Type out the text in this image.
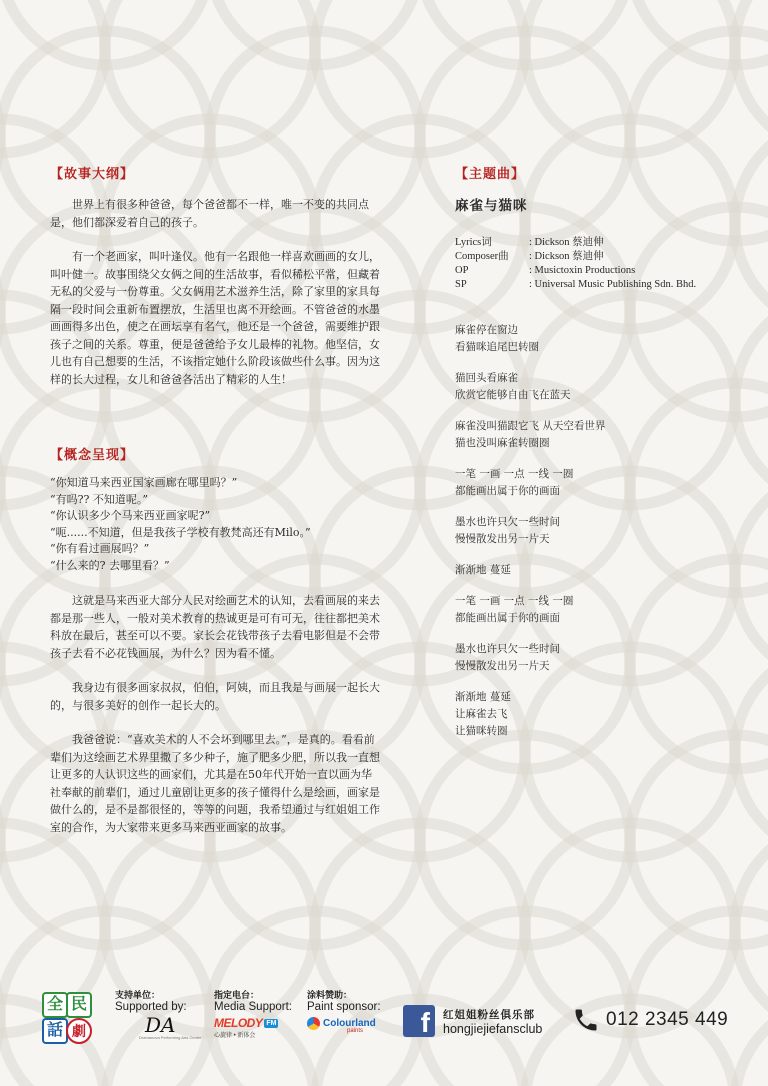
【故事大纲】

世界上有很多种爸爸，每个爸爸都不一样，唯一不变的共同点是，他们都深爱着自己的孩子。

有一个老画家，叫叶逢仪。他有一名跟他一样喜欢画画的女儿，叫叶健一。故事围绕父女俩之间的生活故事，看似稀松平常，但藏着无私的父爱与一份尊重。父女俩用艺术滋养生活，除了家里的家具每隔一段时间会重新布置摆放，生活里也离不开绘画。不管爸爸的水墨画画得多出色，使之在画坛享有名气，他还是一个爸爸，需要维护跟孩子之间的关系。尊重，便是爸爸给予女儿最棒的礼物。他坚信，女儿也有自己想要的生活，不该指定她什么阶段该做些什么事。因为这样的长大过程，女儿和爸爸各活出了精彩的人生！

【概念呈现】

“你知道马来西亚国家画廊在哪里吗？”

“有吗?? 不知道呢。”

“你认识多少个马来西亚画家呢?”

“呃......不知道，但是我孩子学校有教梵高还有Milo。”

“你有看过画展吗？”

“什么来的? 去哪里看？”

这就是马来西亚大部分人民对绘画艺术的认知，去看画展的来去都是那一些人，一般对美术教育的热诚更是可有可无，往往都把美术科放在最后，甚至可以不要。家长会花钱带孩子去看电影但是不会带孩子去看不必花钱画展，为什么？因为看不懂。

我身边有很多画家叔叔，伯伯，阿姨，而且我是与画展一起长大的，与很多美好的创作一起长大的。

我爸爸说：“喜欢美术的人不会坏到哪里去。”，是真的。看看前辈们为这绘画艺术界里撒了多少种子，施了肥多少肥，所以我一直想让更多的人认识这些的画家们，尤其是在50年代开始一直以画为华社奉献的前辈们，通过儿童剧让更多的孩子懂得什么是绘画，画家是做什么的，是不是都很怪的，等等的问题，我希望通过与红姐姐工作室的合作，为大家带来更多马来西亚画家的故事。

【主题曲】
麻雀与猫咪
Lyrics词	: Dickson 蔡迪伸
Composer曲	: Dickson 蔡迪伸
OP	: Musictoxin Productions
SP	: Universal Music Publishing Sdn. Bhd.

麻雀停在窗边

看猫咪追尾巴转圈

猫回头看麻雀

欣赏它能够自由飞在蓝天

麻雀没叫猫跟它飞 从天空看世界

猫也没叫麻雀转圈圈

一笔 一画 一点 一线 一圈

都能画出属于你的画面

墨水也许只欠一些时间

慢慢散发出另一片天

渐渐地 蔓延

一笔 一画 一点 一线 一圈

都能画出属于你的画面

墨水也许只欠一些时间

慢慢散发出另一片天

渐渐地 蔓延

让麻雀去飞

让猫咪转圈

全 民
話 劇
支持单位：
Supported by:
DA
Dramanova Performing Arts Centre
指定电台：
Media Support:
MELODY FM
心旋律 • 新体会
涂料赞助：
Paint sponsor:
Colourland
paints	f	红姐姐粉丝俱乐部
hongjiejiefansclub	012 2345 449
